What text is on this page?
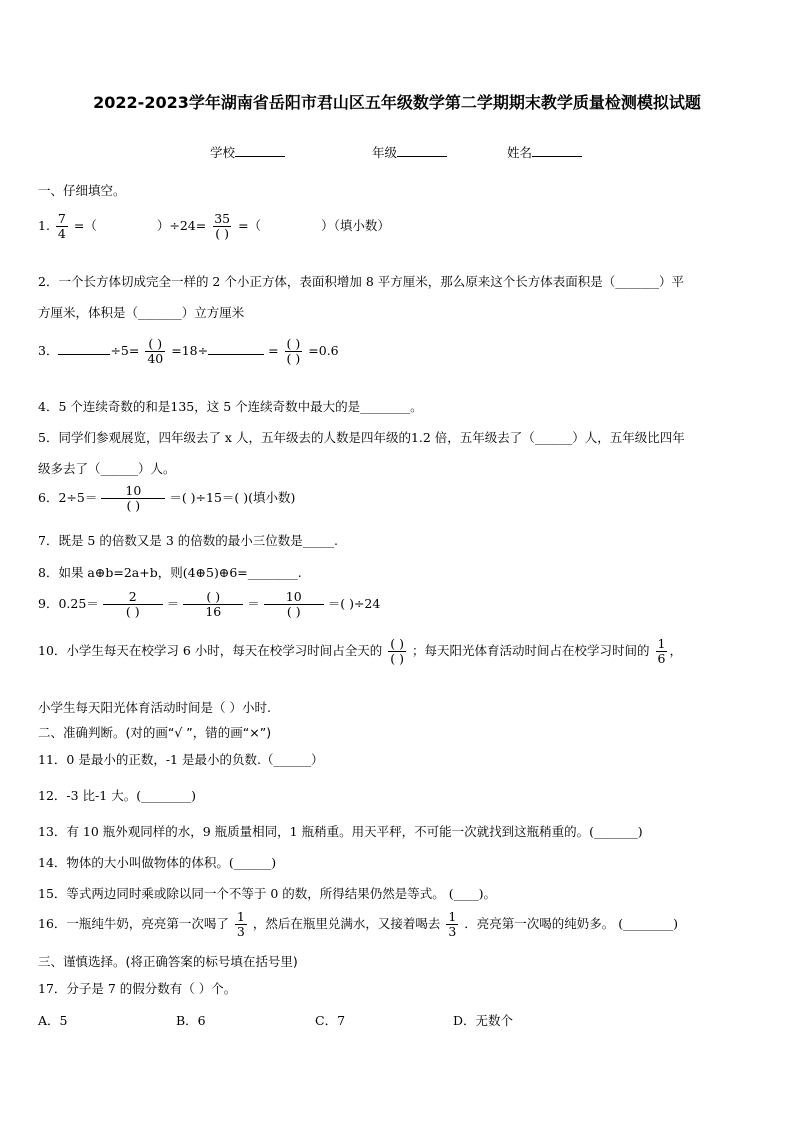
2022-2023学年湖南省岳阳市君山区五年级数学第二学期期末教学质量检测模拟试题
学校	年级	姓名
一、仔细填空。
1. $\frac{7}{4}$ =（	）$\div 24= \frac{35}{( )}$ =（	）（填小数）
2．一个长方体切成完全一样的 2 个小正方体，表面积增加 8 平方厘米，那么原来这个长方体表面积是（_______）平
方厘米，体积是（_______）立方厘米
3．	$\div 5= \frac{( )}{40} =18\div$	= $\frac{( )}{( )} =0.6$
4．5 个连续奇数的和是135，这 5 个连续奇数中最大的是________。
5．同学们参观展览，四年级去了 x 人，五年级去的人数是四年级的1.2 倍，五年级去了（______）人，五年级比四年
级多去了（______）人。
6．$2\div 5= \frac{10}{( )}$ ＝( )÷15＝( )(填小数)
7．既是 5 的倍数又是 3 的倍数的最小三位数是_____.
8．如果 a⊕b=2a+b，则(4⊕5)⊕6=________.
9．$0.25= \frac{2}{( )} = \frac{( )}{16} = \frac{10}{( )}$ ＝( )÷24
10．小学生每天在校学习 6 小时，每天在校学习时间占全天的 $\frac{( )}{( )}$ ；每天阳光体育活动时间占在校学习时间的 $\frac{1}{6}$ ，
小学生每天阳光体育活动时间是（ ）小时.
二、准确判断。(对的画“√ ”，错的画“×”)
11．0 是最小的正数，-1 是最小的负数.（______）
12．-3 比-1 大。(________)
13．有 10 瓶外观同样的水，9 瓶质量相同，1 瓶稍重。用天平秤，不可能一次就找到这瓶稍重的。(_______)
14．物体的大小叫做物体的体积。(______)
15．等式两边同时乘或除以同一个不等于 0 的数，所得结果仍然是等式。 (____)。
16．一瓶纯牛奶，亮亮第一次喝了 $\frac{1}{3}$ ，然后在瓶里兑满水，又接着喝去 $\frac{1}{3}$ ．亮亮第一次喝的纯奶多。 (________)
三、谨慎选择。(将正确答案的标号填在括号里)
17．分子是 7 的假分数有（ ）个。
A．5	B．6	C．7	D．无数个
